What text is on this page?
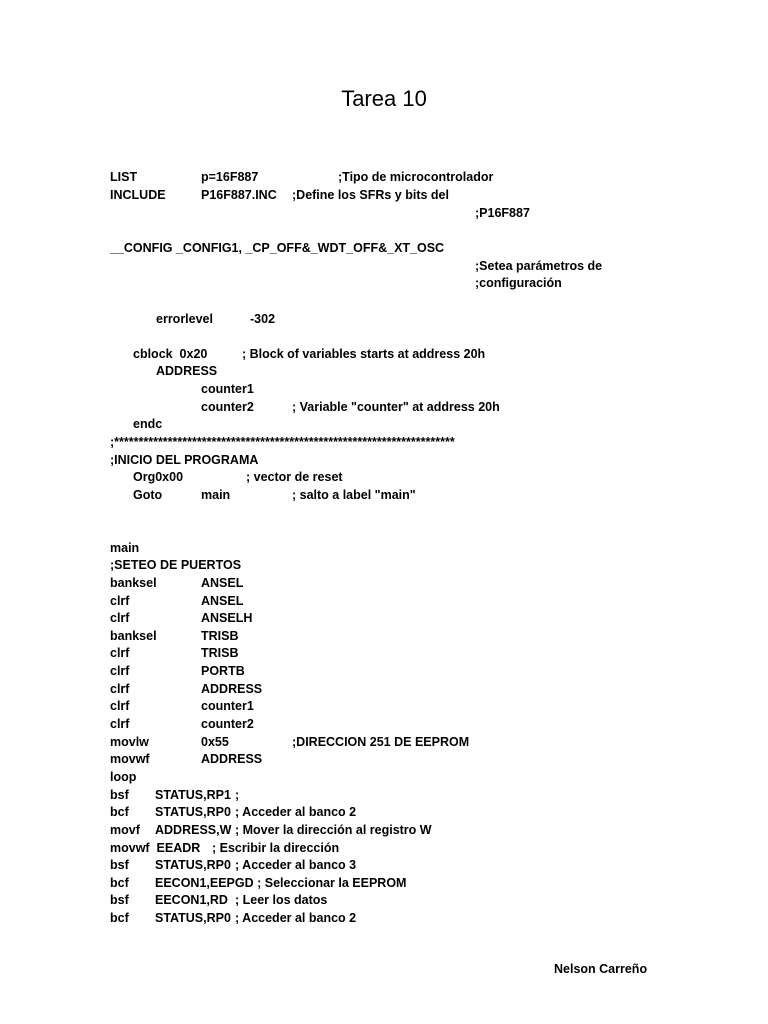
Tarea 10
LIST	p=16F887	;Tipo de microcontrolador
INCLUDE	P16F887.INC ;Define los SFRs y bits del
;P16F887
__CONFIG _CONFIG1, _CP_OFF&_WDT_OFF&_XT_OSC
;Setea parámetros de
;configuración
errorlevel	-302
cblock  0x20	; Block of variables starts at address 20h
ADDRESS
counter1
counter2	; Variable "counter" at address 20h
endc
;**********************************************************************
;INICIO DEL PROGRAMA
Org0x00	; vector de reset
Goto	main	; salto a label "main"
main
;SETEO DE PUERTOS
banksel	ANSEL
clrf	ANSEL
clrf	ANSELH
banksel	TRISB
clrf	TRISB
clrf	PORTB
clrf	ADDRESS
clrf	counter1
clrf	counter2
movlw	0x55	;DIRECCION 251 DE EEPROM
movwf	ADDRESS
loop
bsf STATUS,RP1 ;
bcf STATUS,RP0 ; Acceder al banco 2
movf ADDRESS,W ; Mover la dirección al registro W
movwf  EEADR ; Escribir la dirección
bsf STATUS,RP0 ; Acceder al banco 3
bcf EECON1,EEPGD ; Seleccionar la EEPROM
bsf EECON1,RD ; Leer los datos
bcf STATUS,RP0 ; Acceder al banco 2
Nelson Carreño
